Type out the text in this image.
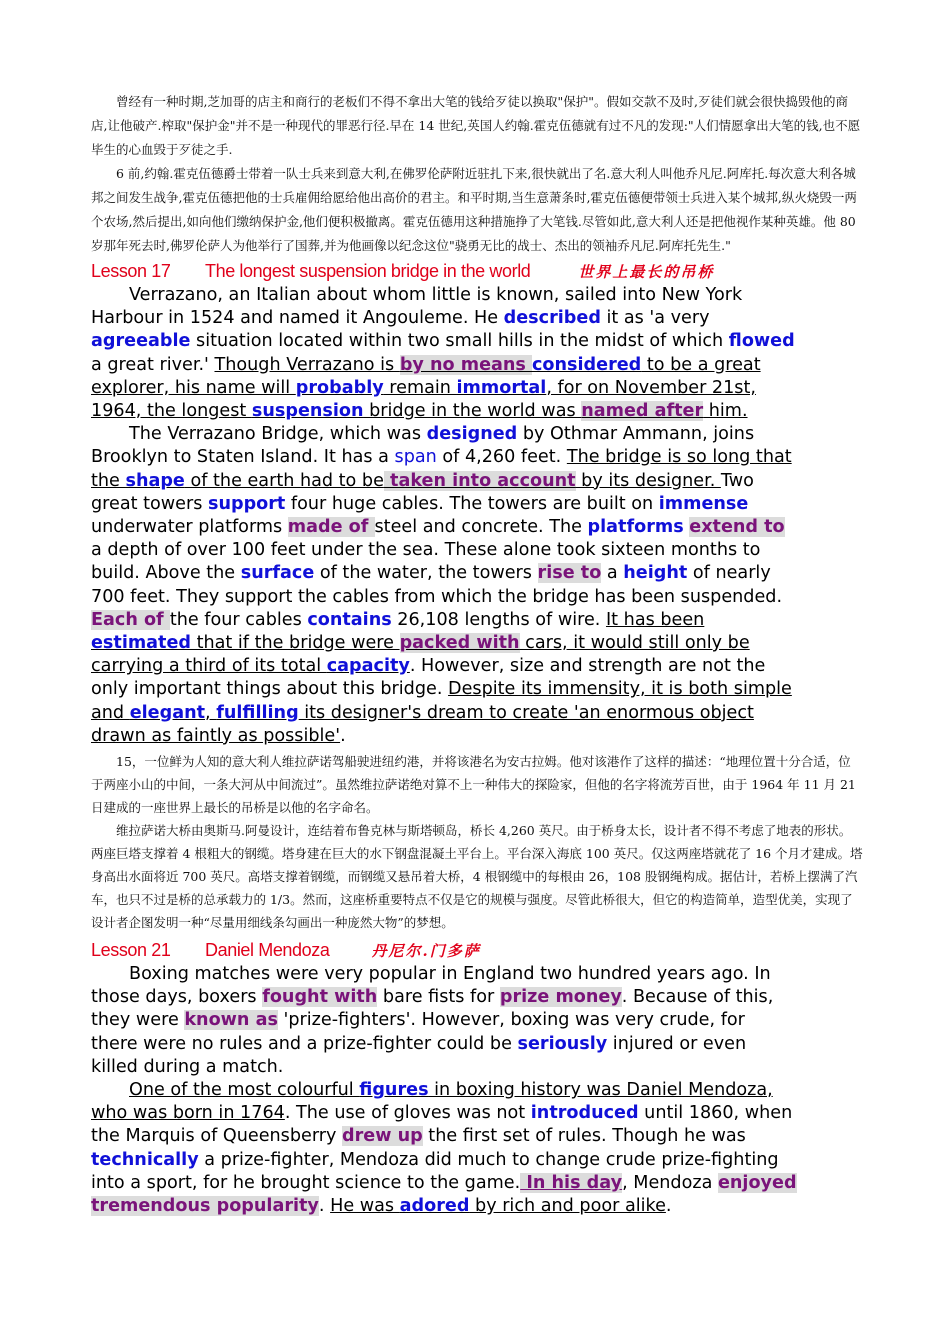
曾经有一种时期,芝加哥的店主和商行的老板们不得不拿出大笔的钱给歹徒以换取"保护"。假如交款不及时,歹徒们就会很快捣毁他的商店,让他破产.榨取"保护金"并不是一种现代的罪恶行径.早在 14 世纪,英国人约翰.霍克伍德就有过不凡的发现:"人们情愿拿出大笔的钱,也不愿毕生的心血毁于歹徒之手.

6 前,约翰.霍克伍德爵士带着一队士兵来到意大利,在佛罗伦萨附近驻扎下来,很快就出了名.意大利人叫他乔凡尼.阿库托.每次意大利各城邦之间发生战争,霍克伍德把他的士兵雇佣给愿给他出高价的君主。和平时期,当生意萧条时,霍克伍德便带领士兵进入某个城邦,纵火烧毁一两个农场,然后提出,如向他们缴纳保护金,他们便积极撤离。霍克伍德用这种措施挣了大笔钱.尽管如此,意大利人还是把他视作某种英雄。他 80 岁那年死去时,佛罗伦萨人为他举行了国葬,并为他画像以纪念这位"骁勇无比的战士、杰出的领袖乔凡尼.阿库托先生."

Lesson 17 The longest suspension bridge in the world	世界上最长的吊桥
Verrazano, an Italian about whom little is known, sailed into New York
Harbour in 1524 and named it Angouleme. He described it as 'a very
agreeable situation located within two small hills in the midst of which flowed
a great river.' Though Verrazano is by no means considered to be a great
explorer, his name will probably remain immortal, for on November 21st,
1964, the longest suspension bridge in the world was named after him.
The Verrazano Bridge, which was designed by Othmar Ammann, joins
Brooklyn to Staten Island. It has a span of 4,260 feet. The bridge is so long that
the shape of the earth had to be taken into account by its designer. Two
great towers support four huge cables. The towers are built on immense
underwater platforms made of steel and concrete. The platforms extend to
a depth of over 100 feet under the sea. These alone took sixteen months to
build. Above the surface of the water, the towers rise to a height of nearly
700 feet. They support the cables from which the bridge has been suspended.
Each of the four cables contains 26,108 lengths of wire. It has been
estimated that if the bridge were packed with cars, it would still only be
carrying a third of its total capacity. However, size and strength are not the
only important things about this bridge. Despite its immensity, it is both simple
and elegant, fulfilling its designer's dream to create 'an enormous object
drawn as faintly as possible'.

15，一位鲜为人知的意大利人维拉萨诺驾船驶进纽约港，并将该港名为安古拉姆。他对该港作了这样的描述：“地理位置十分合适，位于两座小山的中间，一条大河从中间流过”。虽然维拉萨诺绝对算不上一种伟大的探险家，但他的名字将流芳百世，由于 1964 年 11 月 21 日建成的一座世界上最长的吊桥是以他的名字命名。

维拉萨诺大桥由奥斯马.阿曼设计，连结着布鲁克林与斯塔顿岛，桥长 4,260 英尺。由于桥身太长，设计者不得不考虑了地表的形状。两座巨塔支撑着 4 根粗大的钢缆。塔身建在巨大的水下钢盘混凝土平台上。平台深入海底 100 英尺。仅这两座塔就花了 16 个月才建成。塔身高出水面将近 700 英尺。高塔支撑着钢缆，而钢缆又悬吊着大桥，4 根钢缆中的每根由 26，108 股钢绳构成。据估计，若桥上摆满了汽车，也只不过是桥的总承载力的 1/3。然而，这座桥重要特点不仅是它的规模与强度。尽管此桥很大，但它的构造简单，造型优美，实现了设计者企图发明一种“尽量用细线条勾画出一种庞然大物”的梦想。

Lesson 21 Daniel Mendoza	丹尼尔.门多萨
Boxing matches were very popular in England two hundred years ago. In
those days, boxers fought with bare fists for prize money. Because of this,
they were known as 'prize-fighters'. However, boxing was very crude, for
there were no rules and a prize-fighter could be seriously injured or even
killed during a match.
One of the most colourful figures in boxing history was Daniel Mendoza,
who was born in 1764. The use of gloves was not introduced until 1860, when
the Marquis of Queensberry drew up the first set of rules. Though he was
technically a prize-fighter, Mendoza did much to change crude prize-fighting
into a sport, for he brought science to the game. In his day, Mendoza enjoyed
tremendous popularity. He was adored by rich and poor alike.
